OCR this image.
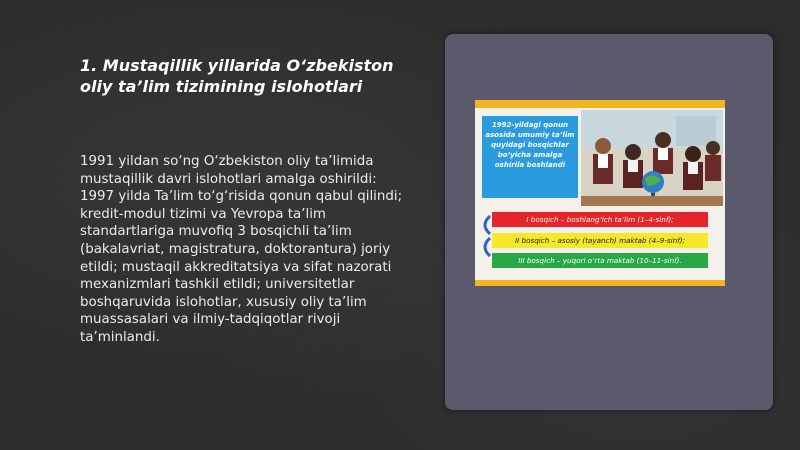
1. Mustaqillik yillarida O‘zbekiston oliy ta’lim tizimining islohotlari

1991 yildan so‘ng O‘zbekiston oliy ta’limida mustaqillik davri islohotlari amalga oshirildi: 1997 yilda Ta’lim to‘g‘risida qonun qabul qilindi; kredit-modul tizimi va Yevropa ta’lim standartlariga muvofiq 3 bosqichli ta’lim (bakalavriat, magistratura, doktorantura) joriy etildi; mustaqil akkreditatsiya va sifat nazorati mexanizmlari tashkil etildi; universitetlar boshqaruvida islohotlar, xususiy oliy ta’lim muassasalari va ilmiy-tadqiqotlar rivoji ta’minlandi.

1992-yildagi qonun asosida umumiy ta’lim quyidagi bosqichlar bo‘yicha amalga oshirila boshlandi
I bosqich – boshlang‘ich ta’lim (1–4-sinf);
II bosqich – asosiy (tayanch) maktab (4–9-sinf);
III bosqich – yuqori o‘rta maktab (10–11-sinf).
